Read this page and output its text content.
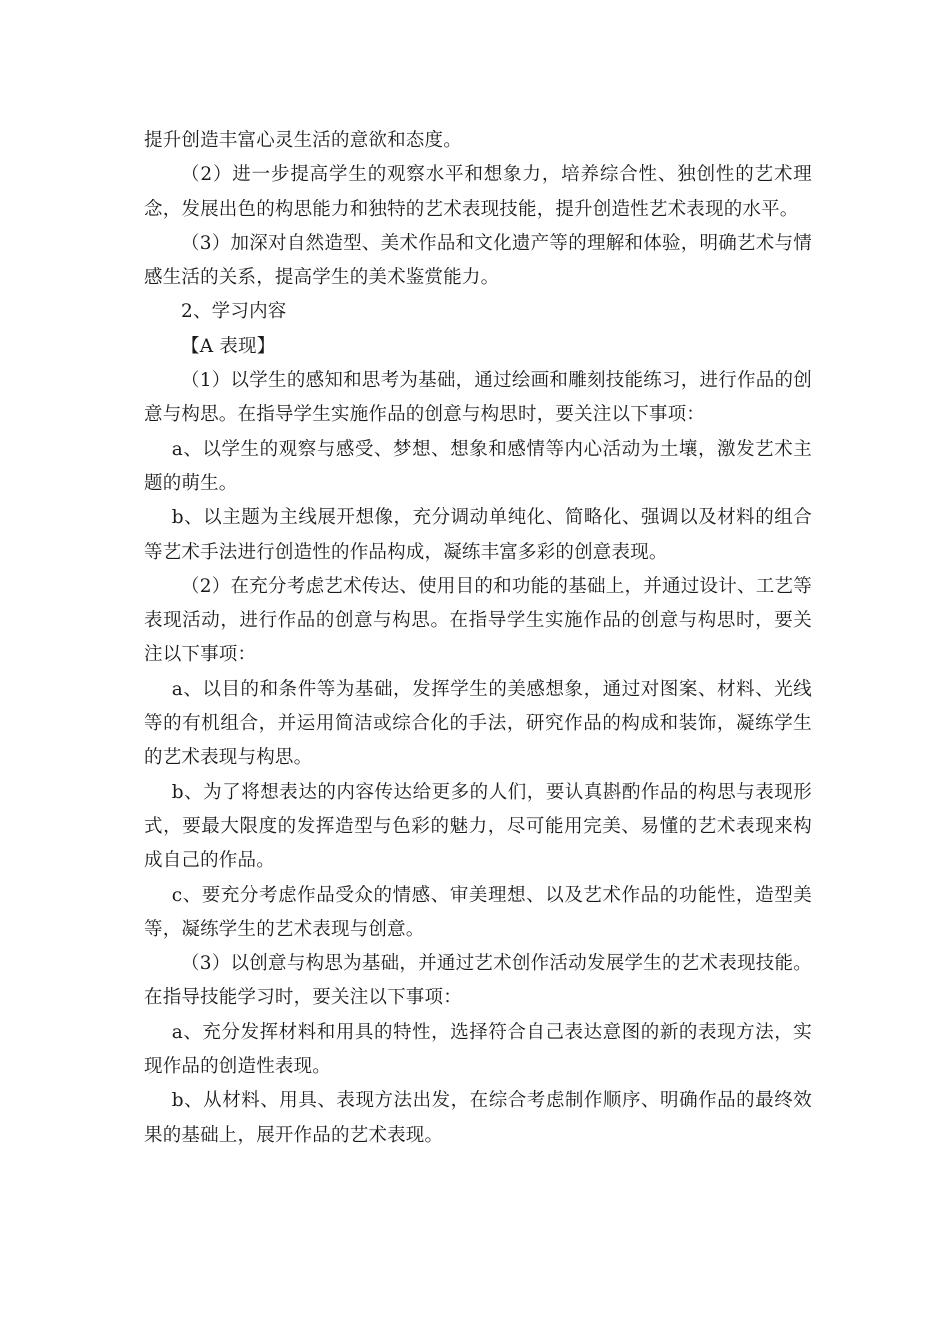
提升创造丰富心灵生活的意欲和态度。

（2）进一步提高学生的观察水平和想象力，培养综合性、独创性的艺术理念，发展出色的构思能力和独特的艺术表现技能，提升创造性艺术表现的水平。

（3）加深对自然造型、美术作品和文化遗产等的理解和体验，明确艺术与情感生活的关系，提高学生的美术鉴赏能力。

2、学习内容

【A 表现】

（1）以学生的感知和思考为基础，通过绘画和雕刻技能练习，进行作品的创意与构思。在指导学生实施作品的创意与构思时，要关注以下事项：

a、以学生的观察与感受、梦想、想象和感情等内心活动为土壤，激发艺术主题的萌生。

b、以主题为主线展开想像，充分调动单纯化、简略化、强调以及材料的组合等艺术手法进行创造性的作品构成，凝练丰富多彩的创意表现。

（2）在充分考虑艺术传达、使用目的和功能的基础上，并通过设计、工艺等表现活动，进行作品的创意与构思。在指导学生实施作品的创意与构思时，要关注以下事项：

a、以目的和条件等为基础，发挥学生的美感想象，通过对图案、材料、光线等的有机组合，并运用简洁或综合化的手法，研究作品的构成和装饰，凝练学生的艺术表现与构思。

b、为了将想表达的内容传达给更多的人们，要认真斟酌作品的构思与表现形式，要最大限度的发挥造型与色彩的魅力，尽可能用完美、易懂的艺术表现来构成自己的作品。

c、要充分考虑作品受众的情感、审美理想、以及艺术作品的功能性，造型美等，凝练学生的艺术表现与创意。

（3）以创意与构思为基础，并通过艺术创作活动发展学生的艺术表现技能。在指导技能学习时，要关注以下事项：

a、充分发挥材料和用具的特性，选择符合自己表达意图的新的表现方法，实现作品的创造性表现。

b、从材料、用具、表现方法出发，在综合考虑制作顺序、明确作品的最终效果的基础上，展开作品的艺术表现。
